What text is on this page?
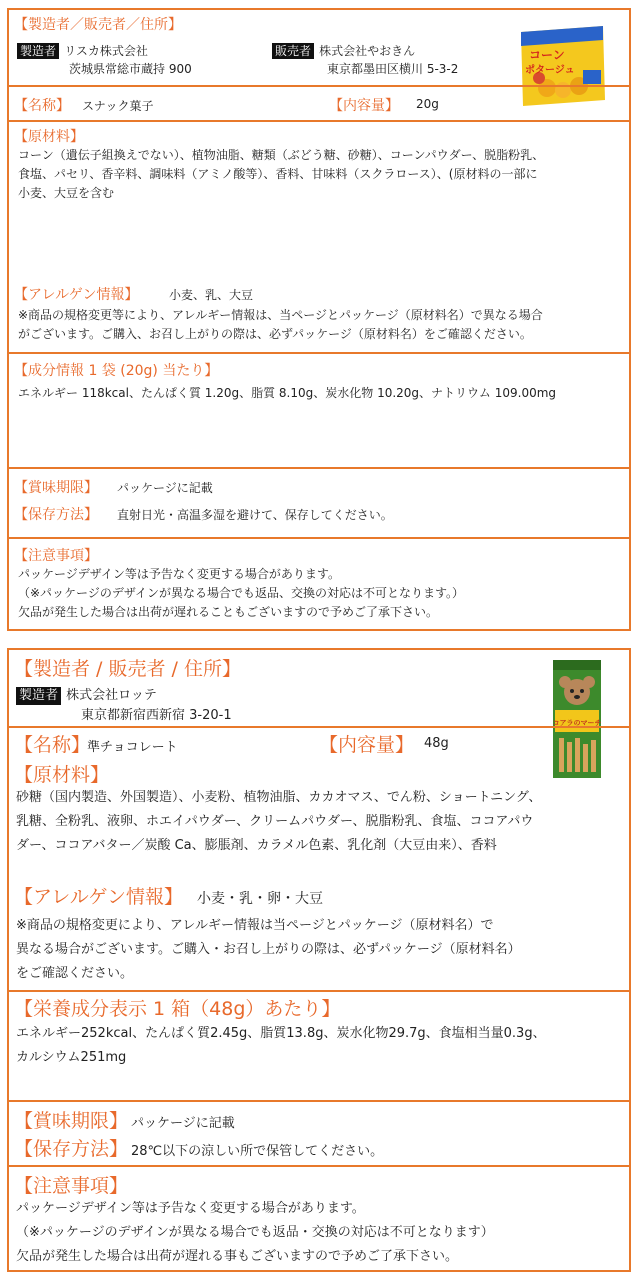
【製造者／販売者／住所】
製造者 リスカ株式会社
茨城県常総市蔵持 900
販売者 株式会社やおきん
東京都墨田区横川 5-3-2
コーン
ポタージュ
【名称】 スナック菓子	【内容量】 20g
【原材料】
コーン（遺伝子組換えでない）、植物油脂、糖類（ぶどう糖、砂糖）、コーンパウダー、脱脂粉乳、
食塩、パセリ、香辛料、調味料（アミノ酸等）、香料、甘味料（スクラロース）、(原材料の一部に
小麦、大豆を含む
【アレルゲン情報】	小麦、乳、大豆
※商品の規格変更等により、アレルギー情報は、当ページとパッケージ（原材料名）で異なる場合
がございます。ご購入、お召し上がりの際は、必ずパッケージ（原材料名）をご確認ください。
【成分情報 1 袋 (20g) 当たり】
エネルギー 118kcal、たんぱく質 1.20g、脂質 8.10g、炭水化物 10.20g、ナトリウム 109.00mg
【賞味期限】 パッケージに記載
【保存方法】 直射日光・高温多湿を避けて、保存してください。
【注意事項】
パッケージデザイン等は予告なく変更する場合があります。
（※パッケージのデザインが異なる場合でも返品、交換の対応は不可となります。）
欠品が発生した場合は出荷が遅れることもございますので予めご了承下さい。
【製造者 / 販売者 / 住所】
製造者 株式会社ロッテ
東京都新宿西新宿 3-20-1	コアラのマーチ
【名称】
準チョコレート	【内容量】 48g
【原材料】
砂糖（国内製造、外国製造）、小麦粉、植物油脂、カカオマス、でん粉、ショートニング、
乳糖、全粉乳、液卵、ホエイパウダー、クリームパウダー、脱脂粉乳、食塩、ココアパウ
ダー、ココアバター／炭酸 Ca、膨脹剤、カラメル色素、乳化剤（大豆由来）、香料
【アレルゲン情報】 小麦・乳・卵・大豆
※商品の規格変更により、アレルギー情報は当ページとパッケージ（原材料名）で
異なる場合がございます。ご購入・お召し上がりの際は、必ずパッケージ（原材料名）
をご確認ください。
【栄養成分表示 1 箱（48g）あたり】
エネルギー252kcal、たんぱく質2.45g、脂質13.8g、炭水化物29.7g、食塩相当量0.3g、
カルシウム251mg
【賞味期限】 パッケージに記載
【保存方法】 28℃以下の涼しい所で保管してください。
【注意事項】
パッケージデザイン等は予告なく変更する場合があります。
（※パッケージのデザインが異なる場合でも返品・交換の対応は不可となります）
欠品が発生した場合は出荷が遅れる事もございますので予めご了承下さい。
